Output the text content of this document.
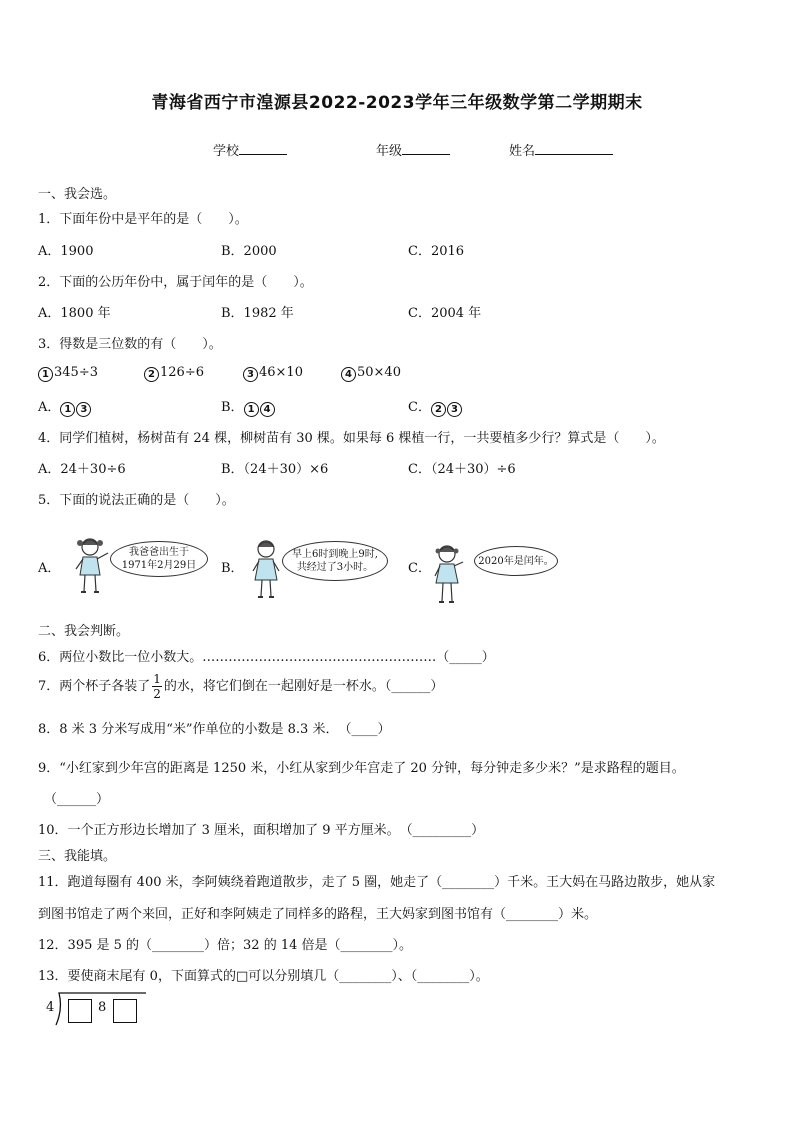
青海省西宁市湟源县2022-2023学年三年级数学第二学期期末
学校	年级	姓名
一、我会选。
1．下面年份中是平年的是（　　）。
A．1900	B．2000	C．2016
2．下面的公历年份中，属于闰年的是（　　）。
A．1800 年	B．1982 年	C．2004 年
3．得数是三位数的有（　　）。
1 345÷3	2 126÷6	3 46×10	4 50×40
A． 1 3	B． 1 4	C． 2 3
4．同学们植树，杨树苗有 24 棵，柳树苗有 30 棵。如果每 6 棵植一行，一共要植多少行？算式是（　　）。
A．24＋30÷6	B．（24＋30）×6	C．（24＋30）÷6
5．下面的说法正确的是（　　）。
A．
我爸爸出生于
1971年2月29日 B．
早上6时到晚上9时,
共经过了3小时。	C．	2020年是闰年。
二、我会判断。
6．两位小数比一位小数大。………………………………………………（_____）
7．两个杯子各装了 $\frac{1}{2}$ 的水，将它们倒在一起刚好是一杯水。（______）
8．8 米 3 分米写成用“米”作单位的小数是 8.3 米．　（____）
9．“小红家到少年宫的距离是 1250 米，小红从家到少年宫走了 20 分钟，每分钟走多少米？”是求路程的题目。
（______）
10．一个正方形边长增加了 3 厘米，面积增加了 9 平方厘米。　（_________）
三、我能填。
11．跑道每圈有 400 米，李阿姨绕着跑道散步，走了 5 圈，她走了（________）千米。王大妈在马路边散步，她从家
到图书馆走了两个来回，正好和李阿姨走了同样多的路程，王大妈家到图书馆有（________）米。
12．395 是 5 的（________）倍；32 的 14 倍是（________）。
13．要使商末尾有 0，下面算式的□可以分别填几（________）、（________）。
4	8
